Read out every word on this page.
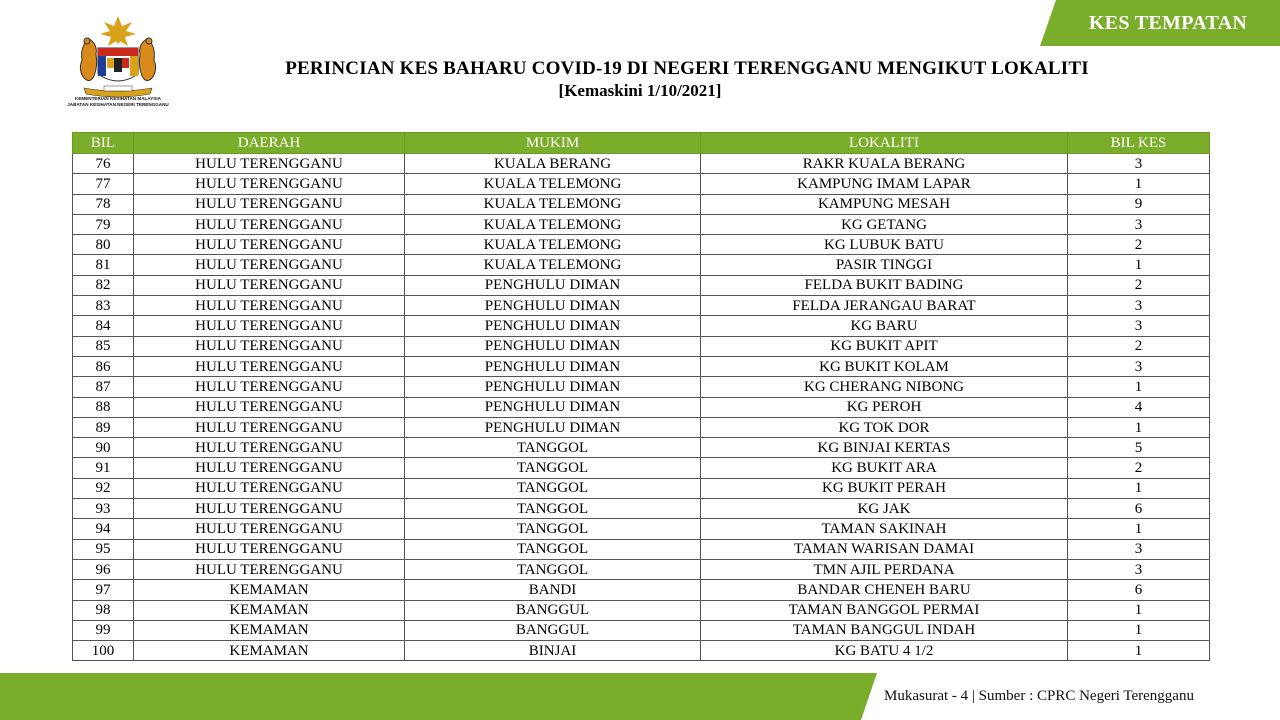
KES TEMPATAN
KEMENTERIAN KESIHATAN MALAYSIA
JABATAN KESIHATAN NEGERI TERENGGANU
PERINCIAN KES BAHARU COVID-19 DI NEGERI TERENGGANU MENGIKUT LOKALITI
[Kemaskini 1/10/2021]
BIL	DAERAH	MUKIM	LOKALITI	BIL KES
76	HULU TERENGGANU	KUALA BERANG	RAKR KUALA BERANG	3
77	HULU TERENGGANU	KUALA TELEMONG	KAMPUNG IMAM LAPAR	1
78	HULU TERENGGANU	KUALA TELEMONG	KAMPUNG MESAH	9
79	HULU TERENGGANU	KUALA TELEMONG	KG GETANG	3
80	HULU TERENGGANU	KUALA TELEMONG	KG LUBUK BATU	2
81	HULU TERENGGANU	KUALA TELEMONG	PASIR TINGGI	1
82	HULU TERENGGANU	PENGHULU DIMAN	FELDA BUKIT BADING	2
83	HULU TERENGGANU	PENGHULU DIMAN	FELDA JERANGAU BARAT	3
84	HULU TERENGGANU	PENGHULU DIMAN	KG BARU	3
85	HULU TERENGGANU	PENGHULU DIMAN	KG BUKIT APIT	2
86	HULU TERENGGANU	PENGHULU DIMAN	KG BUKIT KOLAM	3
87	HULU TERENGGANU	PENGHULU DIMAN	KG CHERANG NIBONG	1
88	HULU TERENGGANU	PENGHULU DIMAN	KG PEROH	4
89	HULU TERENGGANU	PENGHULU DIMAN	KG TOK DOR	1
90	HULU TERENGGANU	TANGGOL	KG BINJAI KERTAS	5
91	HULU TERENGGANU	TANGGOL	KG BUKIT ARA	2
92	HULU TERENGGANU	TANGGOL	KG BUKIT PERAH	1
93	HULU TERENGGANU	TANGGOL	KG JAK	6
94	HULU TERENGGANU	TANGGOL	TAMAN SAKINAH	1
95	HULU TERENGGANU	TANGGOL	TAMAN WARISAN DAMAI	3
96	HULU TERENGGANU	TANGGOL	TMN AJIL PERDANA	3
97	KEMAMAN	BANDI	BANDAR CHENEH BARU	6
98	KEMAMAN	BANGGUL	TAMAN BANGGOL PERMAI	1
99	KEMAMAN	BANGGUL	TAMAN BANGGUL INDAH	1
100	KEMAMAN	BINJAI	KG BATU 4 1/2	1
Mukasurat - 4 | Sumber : CPRC Negeri Terengganu
